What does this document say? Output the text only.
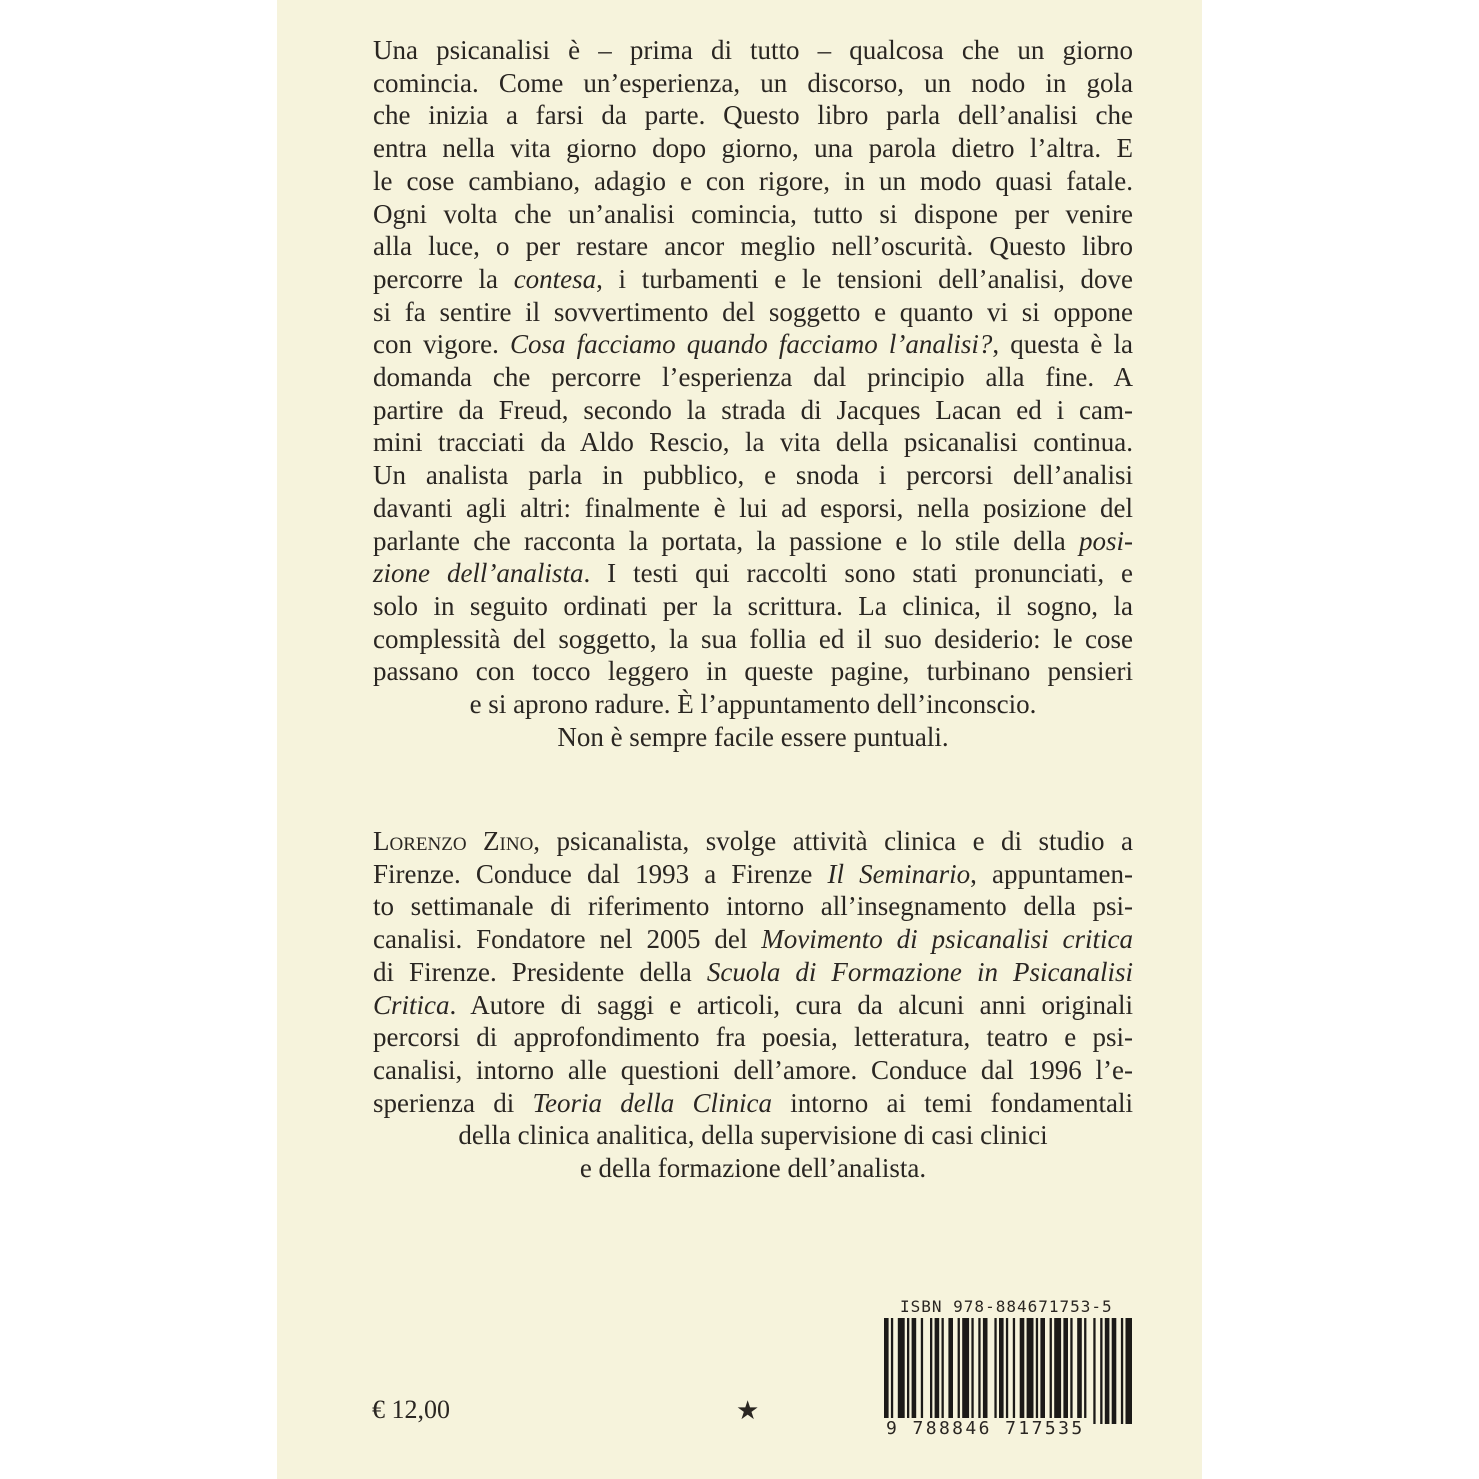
Una psicanalisi è – prima di tutto – qualcosa che un giorno
comincia. Come un’esperienza, un discorso, un nodo in gola
che inizia a farsi da parte. Questo libro parla dell’analisi che
entra nella vita giorno dopo giorno, una parola dietro l’altra. E
le cose cambiano, adagio e con rigore, in un modo quasi fatale.
Ogni volta che un’analisi comincia, tutto si dispone per venire
alla luce, o per restare ancor meglio nell’oscurità. Questo libro
percorre la contesa, i turbamenti e le tensioni dell’analisi, dove
si fa sentire il sovvertimento del soggetto e quanto vi si oppone
con vigore. Cosa facciamo quando facciamo l’analisi?, questa è la
domanda che percorre l’esperienza dal principio alla fine. A
partire da Freud, secondo la strada di Jacques Lacan ed i cam-
mini tracciati da Aldo Rescio, la vita della psicanalisi continua.
Un analista parla in pubblico, e snoda i percorsi dell’analisi
davanti agli altri: finalmente è lui ad esporsi, nella posizione del
parlante che racconta la portata, la passione e lo stile della posi-
zione dell’analista. I testi qui raccolti sono stati pronunciati, e
solo in seguito ordinati per la scrittura. La clinica, il sogno, la
complessità del soggetto, la sua follia ed il suo desiderio: le cose
passano con tocco leggero in queste pagine, turbinano pensieri
e si aprono radure. È l’appuntamento dell’inconscio.
Non è sempre facile essere puntuali.
Lorenzo Zino, psicanalista, svolge attività clinica e di studio a
Firenze. Conduce dal 1993 a Firenze Il Seminario, appuntamen-
to settimanale di riferimento intorno all’insegnamento della psi-
canalisi. Fondatore nel 2005 del Movimento di psicanalisi critica
di Firenze. Presidente della Scuola di Formazione in Psicanalisi
Critica. Autore di saggi e articoli, cura da alcuni anni originali
percorsi di approfondimento fra poesia, letteratura, teatro e psi-
canalisi, intorno alle questioni dell’amore. Conduce dal 1996 l’e-
sperienza di Teoria della Clinica intorno ai temi fondamentali
della clinica analitica, della supervisione di casi clinici
e della formazione dell’analista.
ISBN 978-884671753-5
9 788846 717535
€ 12,00	★
